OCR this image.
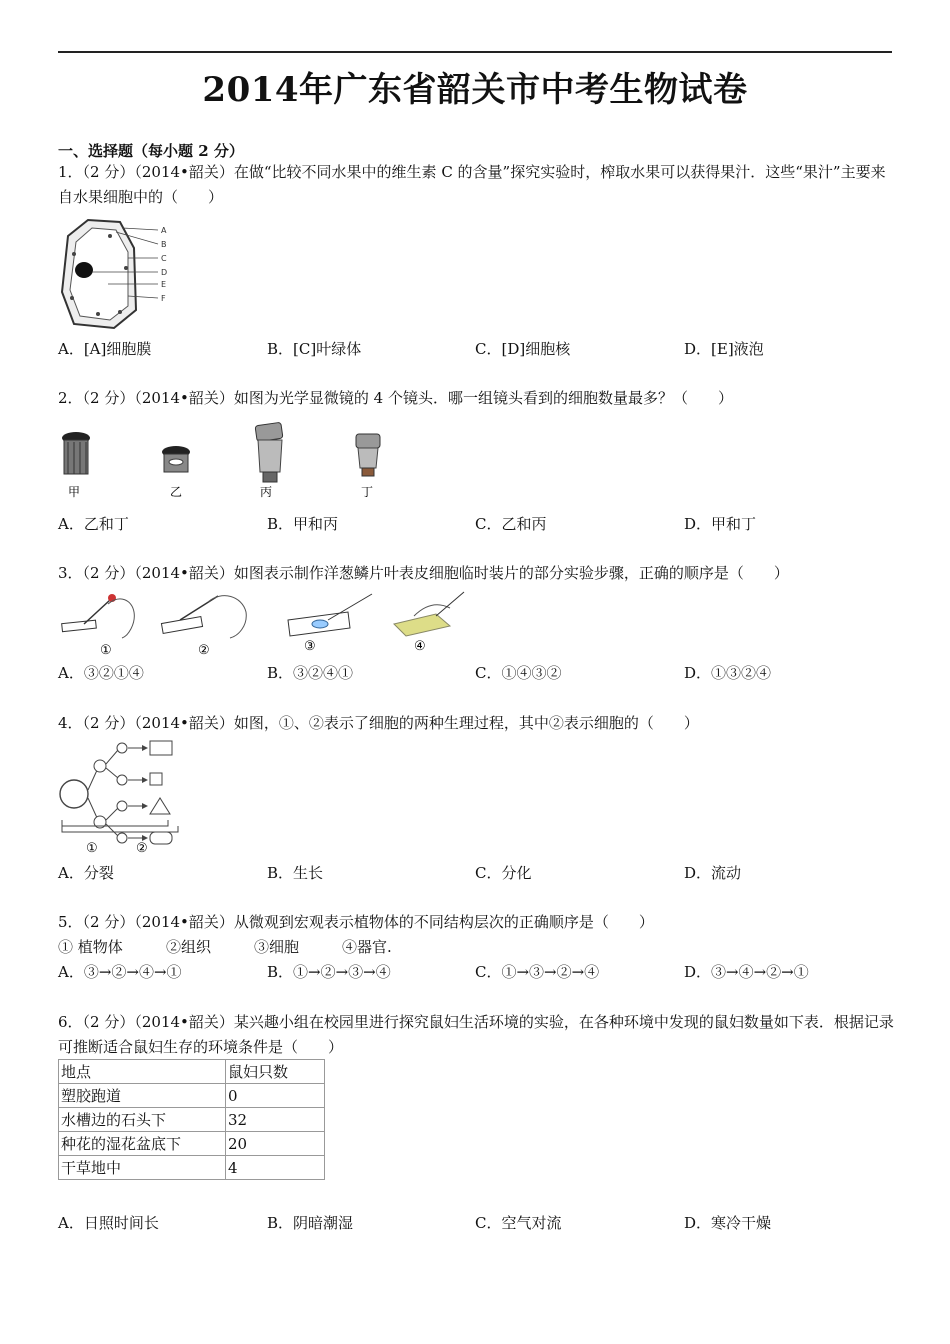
2014年广东省韶关市中考生物试卷
一、选择题（每小题 2 分）
1．（2 分）（2014•韶关）在做“比较不同水果中的维生素 C 的含量”探究实验时，榨取水果可以获得果汁．这些“果汁”主要来自水果细胞中的（　　）
A
B
C
D
E
F
A．[A]细胞膜	B．[C]叶绿体	C．[D]细胞核	D．[E]液泡
2．（2 分）（2014•韶关）如图为光学显微镜的 4 个镜头．哪一组镜头看到的细胞数量最多？（　　）
甲	乙	丙	丁
A．乙和丁	B．甲和丙	C．乙和丙	D．甲和丁
3．（2 分）（2014•韶关）如图表示制作洋葱鳞片叶表皮细胞临时装片的部分实验步骤，正确的顺序是（　　）
①	②	③	④
A．③②①④	B．③②④①	C．①④③②	D．①③②④
4．（2 分）（2014•韶关）如图，①、②表示了细胞的两种生理过程，其中②表示细胞的（　　）
①	②
A．分裂	B．生长	C．分化	D．流动
5．（2 分）（2014•韶关）从微观到宏观表示植物体的不同结构层次的正确顺序是（　　）
① 植物体	②组织	③细胞	④器官.
A．③→②→④→①	B．①→②→③→④	C．①→③→②→④	D．③→④→②→①
6．（2 分）（2014•韶关）某兴趣小组在校园里进行探究鼠妇生活环境的实验，在各种环境中发现的鼠妇数量如下表．根据记录可推断适合鼠妇生存的环境条件是（　　）
地点	鼠妇只数
塑胶跑道	0
水槽边的石头下	32
种花的湿花盆底下	20
干草地中	4
A．日照时间长	B．阴暗潮湿	C．空气对流	D．寒冷干燥
